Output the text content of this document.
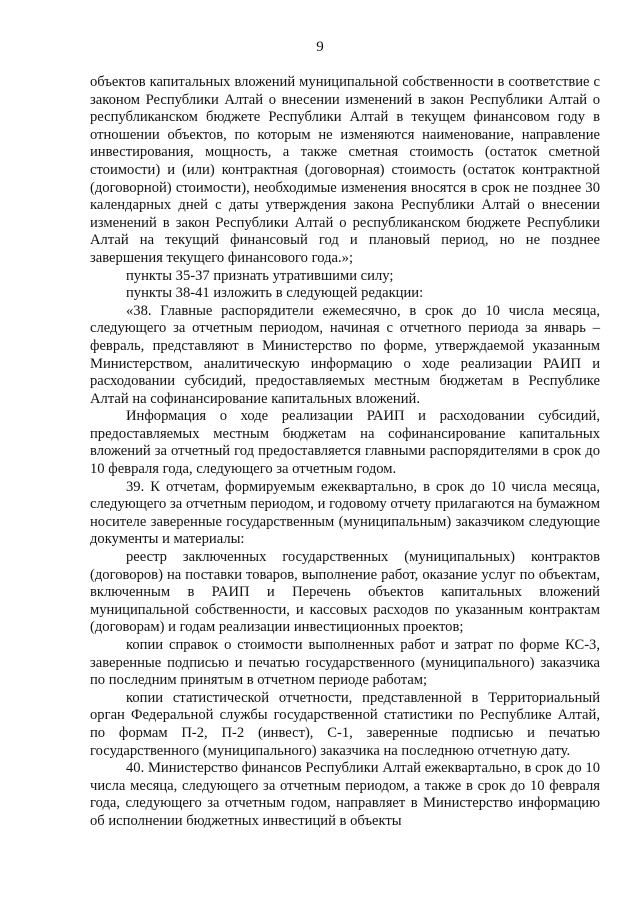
9

объектов капитальных вложений муниципальной собственности в соответствие с законом Республики Алтай о внесении изменений в закон Республики Алтай о республиканском бюджете Республики Алтай в текущем финансовом году в отношении объектов, по которым не изменяются наименование, направление инвестирования, мощность, а также сметная стоимость (остаток сметной стоимости) и (или) контрактная (договорная) стоимость (остаток контрактной (договорной) стоимости), необходимые изменения вносятся в срок не позднее 30 календарных дней с даты утверждения закона Республики Алтай о внесении изменений в закон Республики Алтай о республиканском бюджете Республики Алтай на текущий финансовый год и плановый период, но не позднее завершения текущего финансового года.»;

пункты 35-37 признать утратившими силу;

пункты 38-41 изложить в следующей редакции:

«38. Главные распорядители ежемесячно, в срок до 10 числа месяца, следующего за отчетным периодом, начиная с отчетного периода за январь – февраль, представляют в Министерство по форме, утверждаемой указанным Министерством, аналитическую информацию о ходе реализации РАИП и расходовании субсидий, предоставляемых местным бюджетам в Республике Алтай на софинансирование капитальных вложений.

Информация о ходе реализации РАИП и расходовании субсидий, предоставляемых местным бюджетам на софинансирование капитальных вложений за отчетный год предоставляется главными распорядителями в срок до 10 февраля года, следующего за отчетным годом.

39. К отчетам, формируемым ежеквартально, в срок до 10 числа месяца, следующего за отчетным периодом, и годовому отчету прилагаются на бумажном носителе заверенные государственным (муниципальным) заказчиком следующие документы и материалы:

реестр заключенных государственных (муниципальных) контрактов (договоров) на поставки товаров, выполнение работ, оказание услуг по объектам, включенным в РАИП и Перечень объектов капитальных вложений муниципальной собственности, и кассовых расходов по указанным контрактам (договорам) и годам реализации инвестиционных проектов;

копии справок о стоимости выполненных работ и затрат по форме КС-3, заверенные подписью и печатью государственного (муниципального) заказчика по последним принятым в отчетном периоде работам;

копии статистической отчетности, представленной в Территориальный орган Федеральной службы государственной статистики по Республике Алтай, по формам П-2, П-2 (инвест), С-1, заверенные подписью и печатью государственного (муниципального) заказчика на последнюю отчетную дату.

40. Министерство финансов Республики Алтай ежеквартально, в срок до 10 числа месяца, следующего за отчетным периодом, а также в срок до 10 февраля года, следующего за отчетным годом, направляет в Министерство информацию об исполнении бюджетных инвестиций в объекты
